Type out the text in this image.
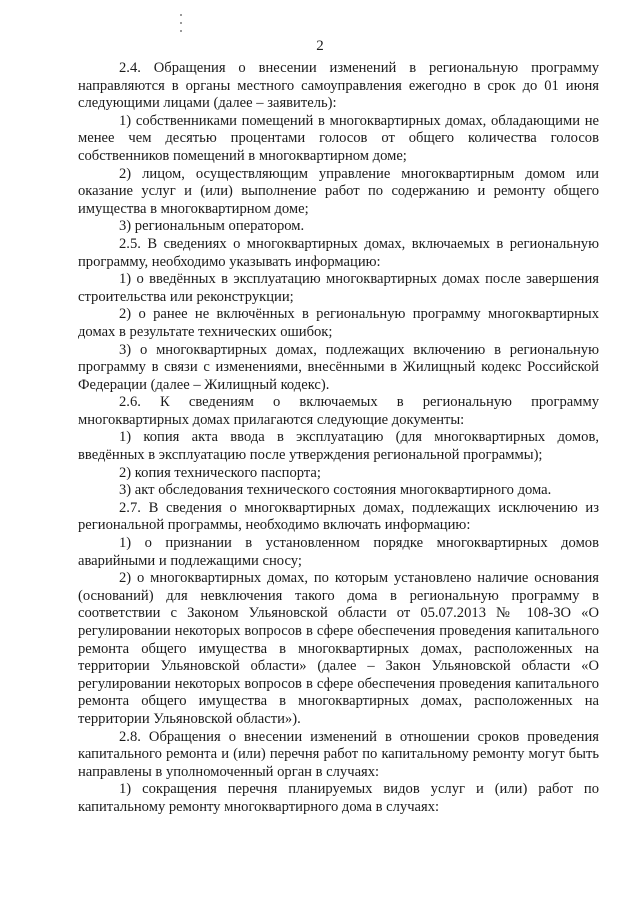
2

2.4. Обращения о внесении изменений в региональную программу направляются в органы местного самоуправления ежегодно в срок до 01 июня следующими лицами (далее – заявитель):

1) собственниками помещений в многоквартирных домах, обладающими не менее чем десятью процентами голосов от общего количества голосов собственников помещений в многоквартирном доме;

2) лицом, осуществляющим управление многоквартирным домом или оказание услуг и (или) выполнение работ по содержанию и ремонту общего имущества в многоквартирном доме;

3) региональным оператором.

2.5. В сведениях о многоквартирных домах, включаемых в региональную программу, необходимо указывать информацию:

1) о введённых в эксплуатацию многоквартирных домах после завершения строительства или реконструкции;

2) о ранее не включённых в региональную программу многоквартирных домах в результате технических ошибок;

3) о многоквартирных домах, подлежащих включению в региональную программу в связи с изменениями, внесёнными в Жилищный кодекс Российской Федерации (далее – Жилищный кодекс).

2.6. К сведениям о включаемых в региональную программу многоквартирных домах прилагаются следующие документы:

1) копия акта ввода в эксплуатацию (для многоквартирных домов, введённых в эксплуатацию после утверждения региональной программы);

2) копия технического паспорта;

3) акт обследования технического состояния многоквартирного дома.

2.7. В сведения о многоквартирных домах, подлежащих исключению из региональной программы, необходимо включать информацию:

1) о признании в установленном порядке многоквартирных домов аварийными и подлежащими сносу;

2) о многоквартирных домах, по которым установлено наличие основания (оснований) для невключения такого дома в региональную программу в соответствии с Законом Ульяновской области от 05.07.2013 № 108-ЗО «О регулировании некоторых вопросов в сфере обеспечения проведения капитального ремонта общего имущества в многоквартирных домах, расположенных на территории Ульяновской области» (далее – Закон Ульяновской области «О регулировании некоторых вопросов в сфере обеспечения проведения капитального ремонта общего имущества в многоквартирных домах, расположенных на территории Ульяновской области»).

2.8. Обращения о внесении изменений в отношении сроков проведения капитального ремонта и (или) перечня работ по капитальному ремонту могут быть направлены в уполномоченный орган в случаях:

1) сокращения перечня планируемых видов услуг и (или) работ по капитальному ремонту многоквартирного дома в случаях:
